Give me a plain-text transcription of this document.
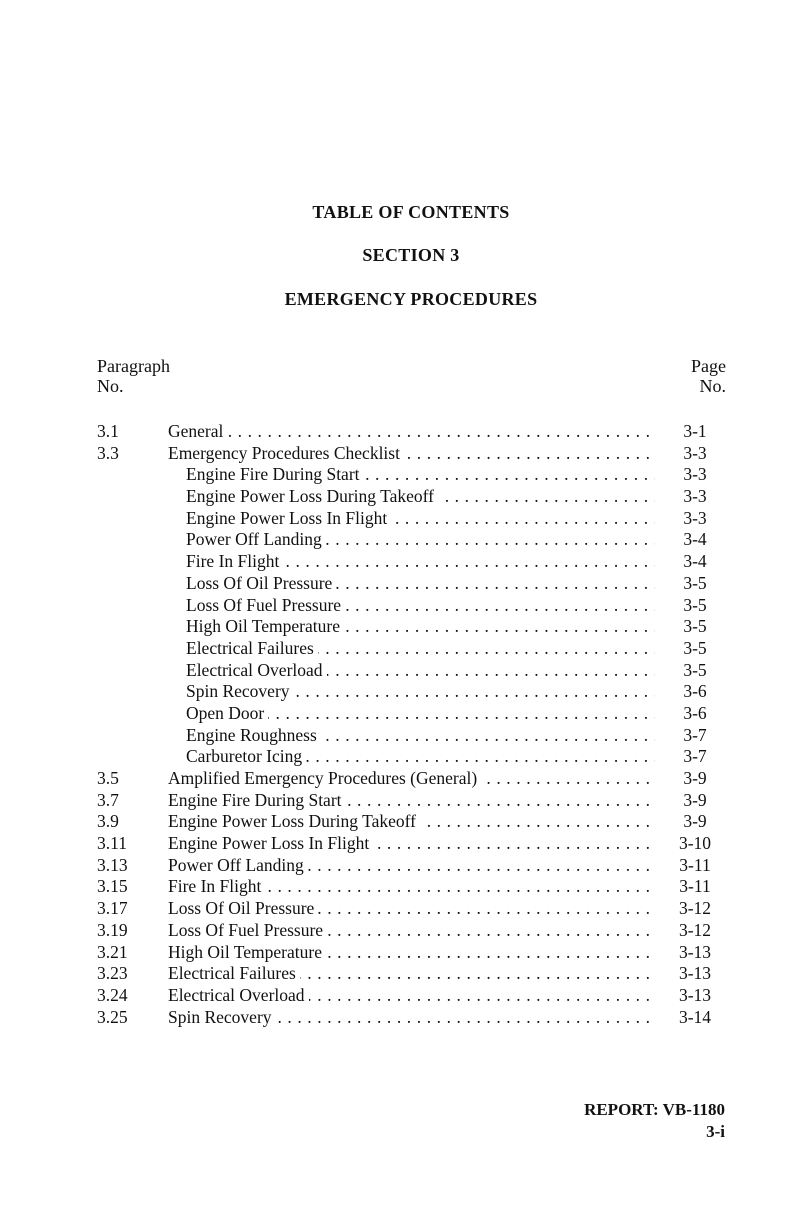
TABLE OF CONTENTS
SECTION 3
EMERGENCY PROCEDURES
Paragraph
No.
Page
No.
3.1	General . . .	3-1
3.3	Emergency Procedures Checklist . . .	3-3
Engine Fire During Start . . .	3-3
Engine Power Loss During Takeoff . . .	3-3
Engine Power Loss In Flight . . .	3-3
Power Off Landing . . .	3-4
Fire In Flight . . .	3-4
Loss Of Oil Pressure . . .	3-5
Loss Of Fuel Pressure . . .	3-5
High Oil Temperature . . .	3-5
Electrical Failures . . .	3-5
Electrical Overload . . .	3-5
Spin Recovery . . .	3-6
Open Door . . .	3-6
Engine Roughness . . .	3-7
Carburetor Icing . . .	3-7
3.5	Amplified Emergency Procedures (General) . . .	3-9
3.7	Engine Fire During Start . . .	3-9
3.9	Engine Power Loss During Takeoff . . .	3-9
3.11	Engine Power Loss In Flight . . .	3-10
3.13	Power Off Landing . . .	3-11
3.15	Fire In Flight . . .	3-11
3.17	Loss Of Oil Pressure . . .	3-12
3.19	Loss Of Fuel Pressure . . .	3-12
3.21	High Oil Temperature . . .	3-13
3.23	Electrical Failures . . .	3-13
3.24	Electrical Overload . . .	3-13
3.25	Spin Recovery . . .	3-14
REPORT: VB-1180
3-i
